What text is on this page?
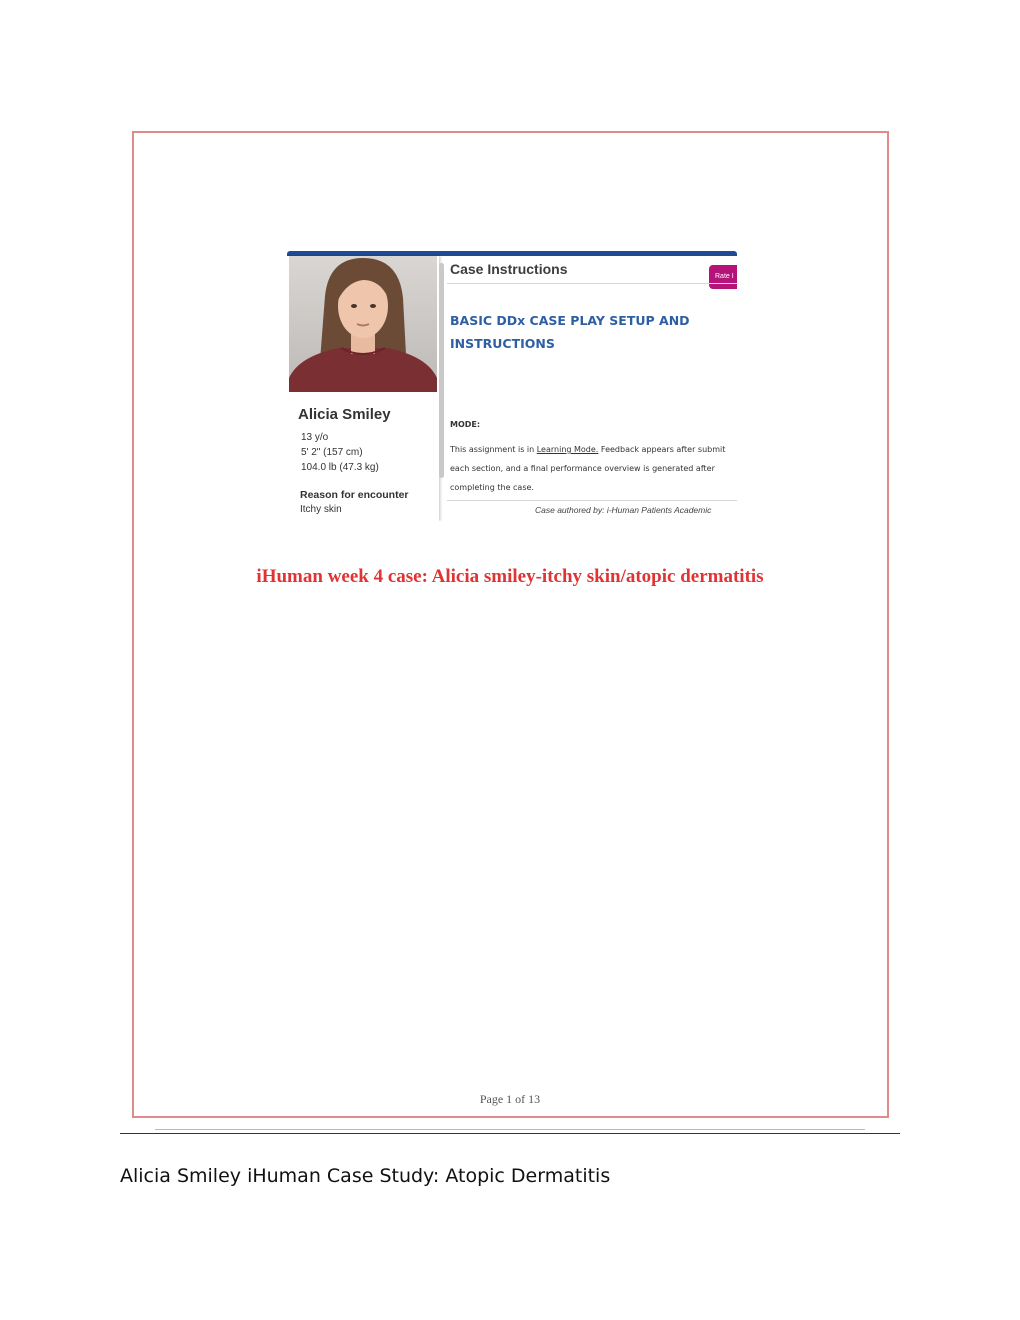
Alicia Smiley
13 y/o
5' 2" (157 cm)
104.0 lb (47.3 kg)
Reason for encounter
Itchy skin
Case Instructions	Rate I
BASIC DDx CASE PLAY SETUP AND
INSTRUCTIONS
MODE:
This assignment is in Learning Mode. Feedback appears after submit
each section, and a final performance overview is generated after
completing the case.
Case authored by: i-Human Patients Academic
iHuman week 4 case: Alicia smiley-itchy skin/atopic dermatitis
Page 1 of 13
Alicia Smiley iHuman Case Study: Atopic Dermatitis
